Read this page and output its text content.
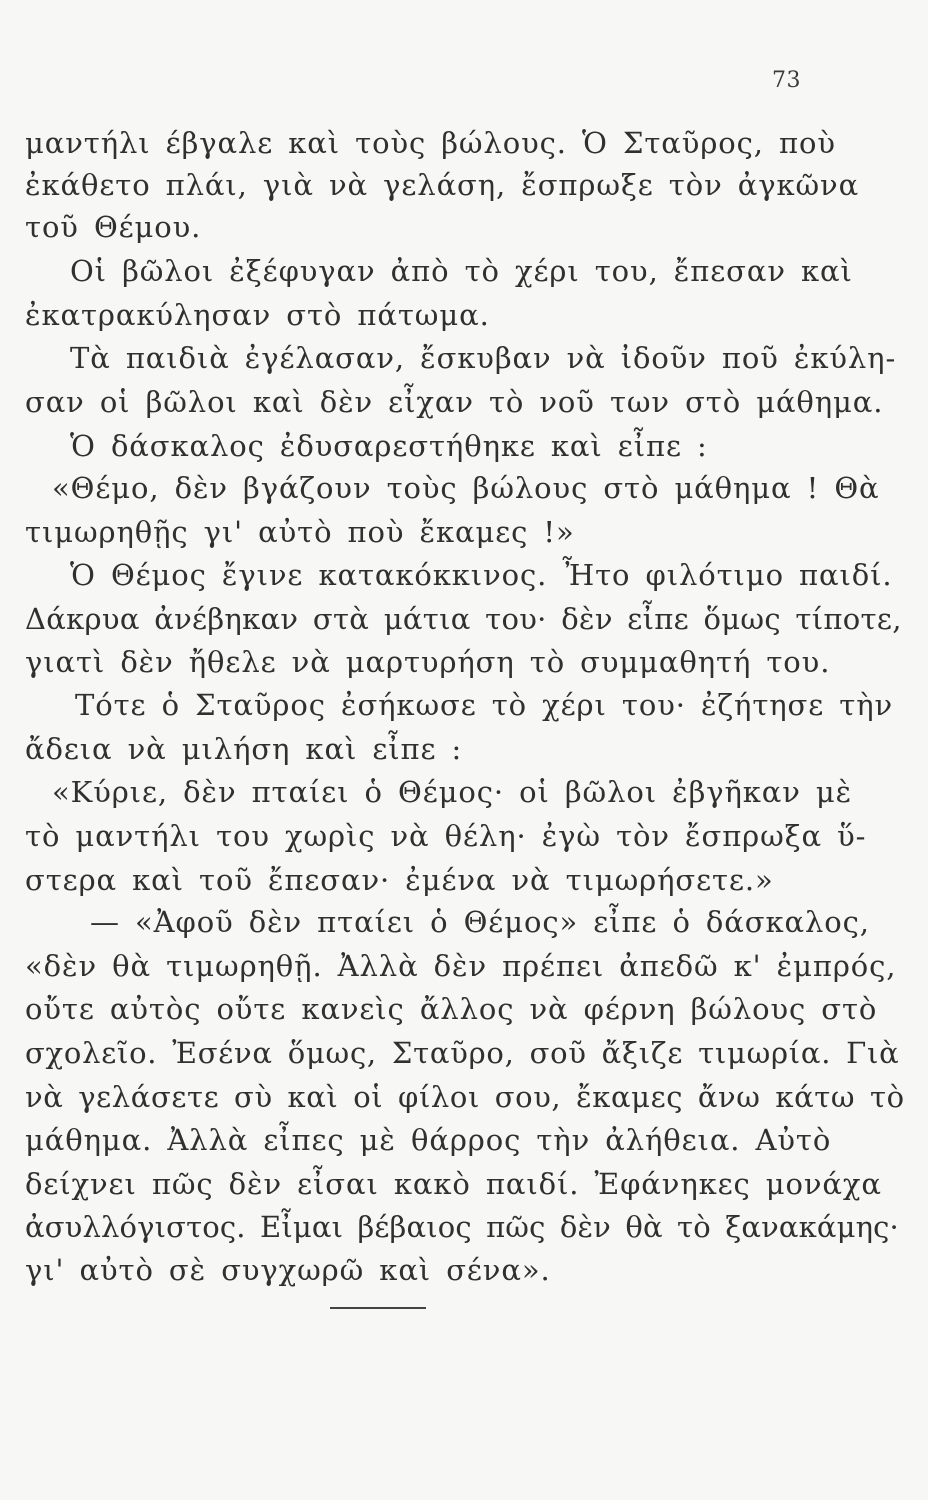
73
μαντήλι έβγαλε καὶ τοὺς βώλους. Ὁ Σταῦρος, ποὺ
ἐκάθετο πλάι, γιὰ νὰ γελάση, ἔσπρωξε τὸν ἀγκῶνα
τοῦ Θέμου.
Οἱ βῶλοι ἐξέφυγαν ἀπὸ τὸ χέρι του, ἔπεσαν καὶ
ἐκατρακύλησαν στὸ πάτωμα.
Τὰ παιδιὰ ἐγέλασαν, ἔσκυβαν νὰ ἰδοῦν ποῦ ἐκύλη-
σαν οἱ βῶλοι καὶ δὲν εἶχαν τὸ νοῦ των στὸ μάθημα.
Ὁ δάσκαλος ἐδυσαρεστήθηκε καὶ εἶπε :
«Θέμο, δὲν βγάζουν τοὺς βώλους στὸ μάθημα ! Θὰ
τιμωρηθῇς γι' αὐτὸ ποὺ ἔκαμες !»
Ὁ Θέμος ἔγινε κατακόκκινος. Ἦτο φιλότιμο παιδί.
Δάκρυα ἀνέβηκαν στὰ μάτια του· δὲν εἶπε ὅμως τίποτε,
γιατὶ δὲν ἤθελε νὰ μαρτυρήση τὸ συμμαθητή του.
Τότε ὁ Σταῦρος ἐσήκωσε τὸ χέρι του· ἐζήτησε τὴν
ἄδεια νὰ μιλήση καὶ εἶπε :
«Κύριε, δὲν πταίει ὁ Θέμος· οἱ βῶλοι ἐβγῆκαν μὲ
τὸ μαντήλι του χωρὶς νὰ θέλη· ἐγὼ τὸν ἔσπρωξα ὕ-
στερα καὶ τοῦ ἔπεσαν· ἐμένα νὰ τιμωρήσετε.»
— «Ἀφοῦ δὲν πταίει ὁ Θέμος» εἶπε ὁ δάσκαλος,
«δὲν θὰ τιμωρηθῇ. Ἀλλὰ δὲν πρέπει ἀπεδῶ κ' ἐμπρός,
οὔτε αὐτὸς οὔτε κανεὶς ἄλλος νὰ φέρνη βώλους στὸ
σχολεῖο. Ἐσένα ὅμως, Σταῦρο, σοῦ ἄξιζε τιμωρία. Γιὰ
νὰ γελάσετε σὺ καὶ οἱ φίλοι σου, ἔκαμες ἄνω κάτω τὸ
μάθημα. Ἀλλὰ εἶπες μὲ θάρρος τὴν ἀλήθεια. Αὐτὸ
δείχνει πῶς δὲν εἶσαι κακὸ παιδί. Ἐφάνηκες μονάχα
ἀσυλλόγιστος. Εἶμαι βέβαιος πῶς δὲν θὰ τὸ ξανακάμης·
γι' αὐτὸ σὲ συγχωρῶ καὶ σένα».
